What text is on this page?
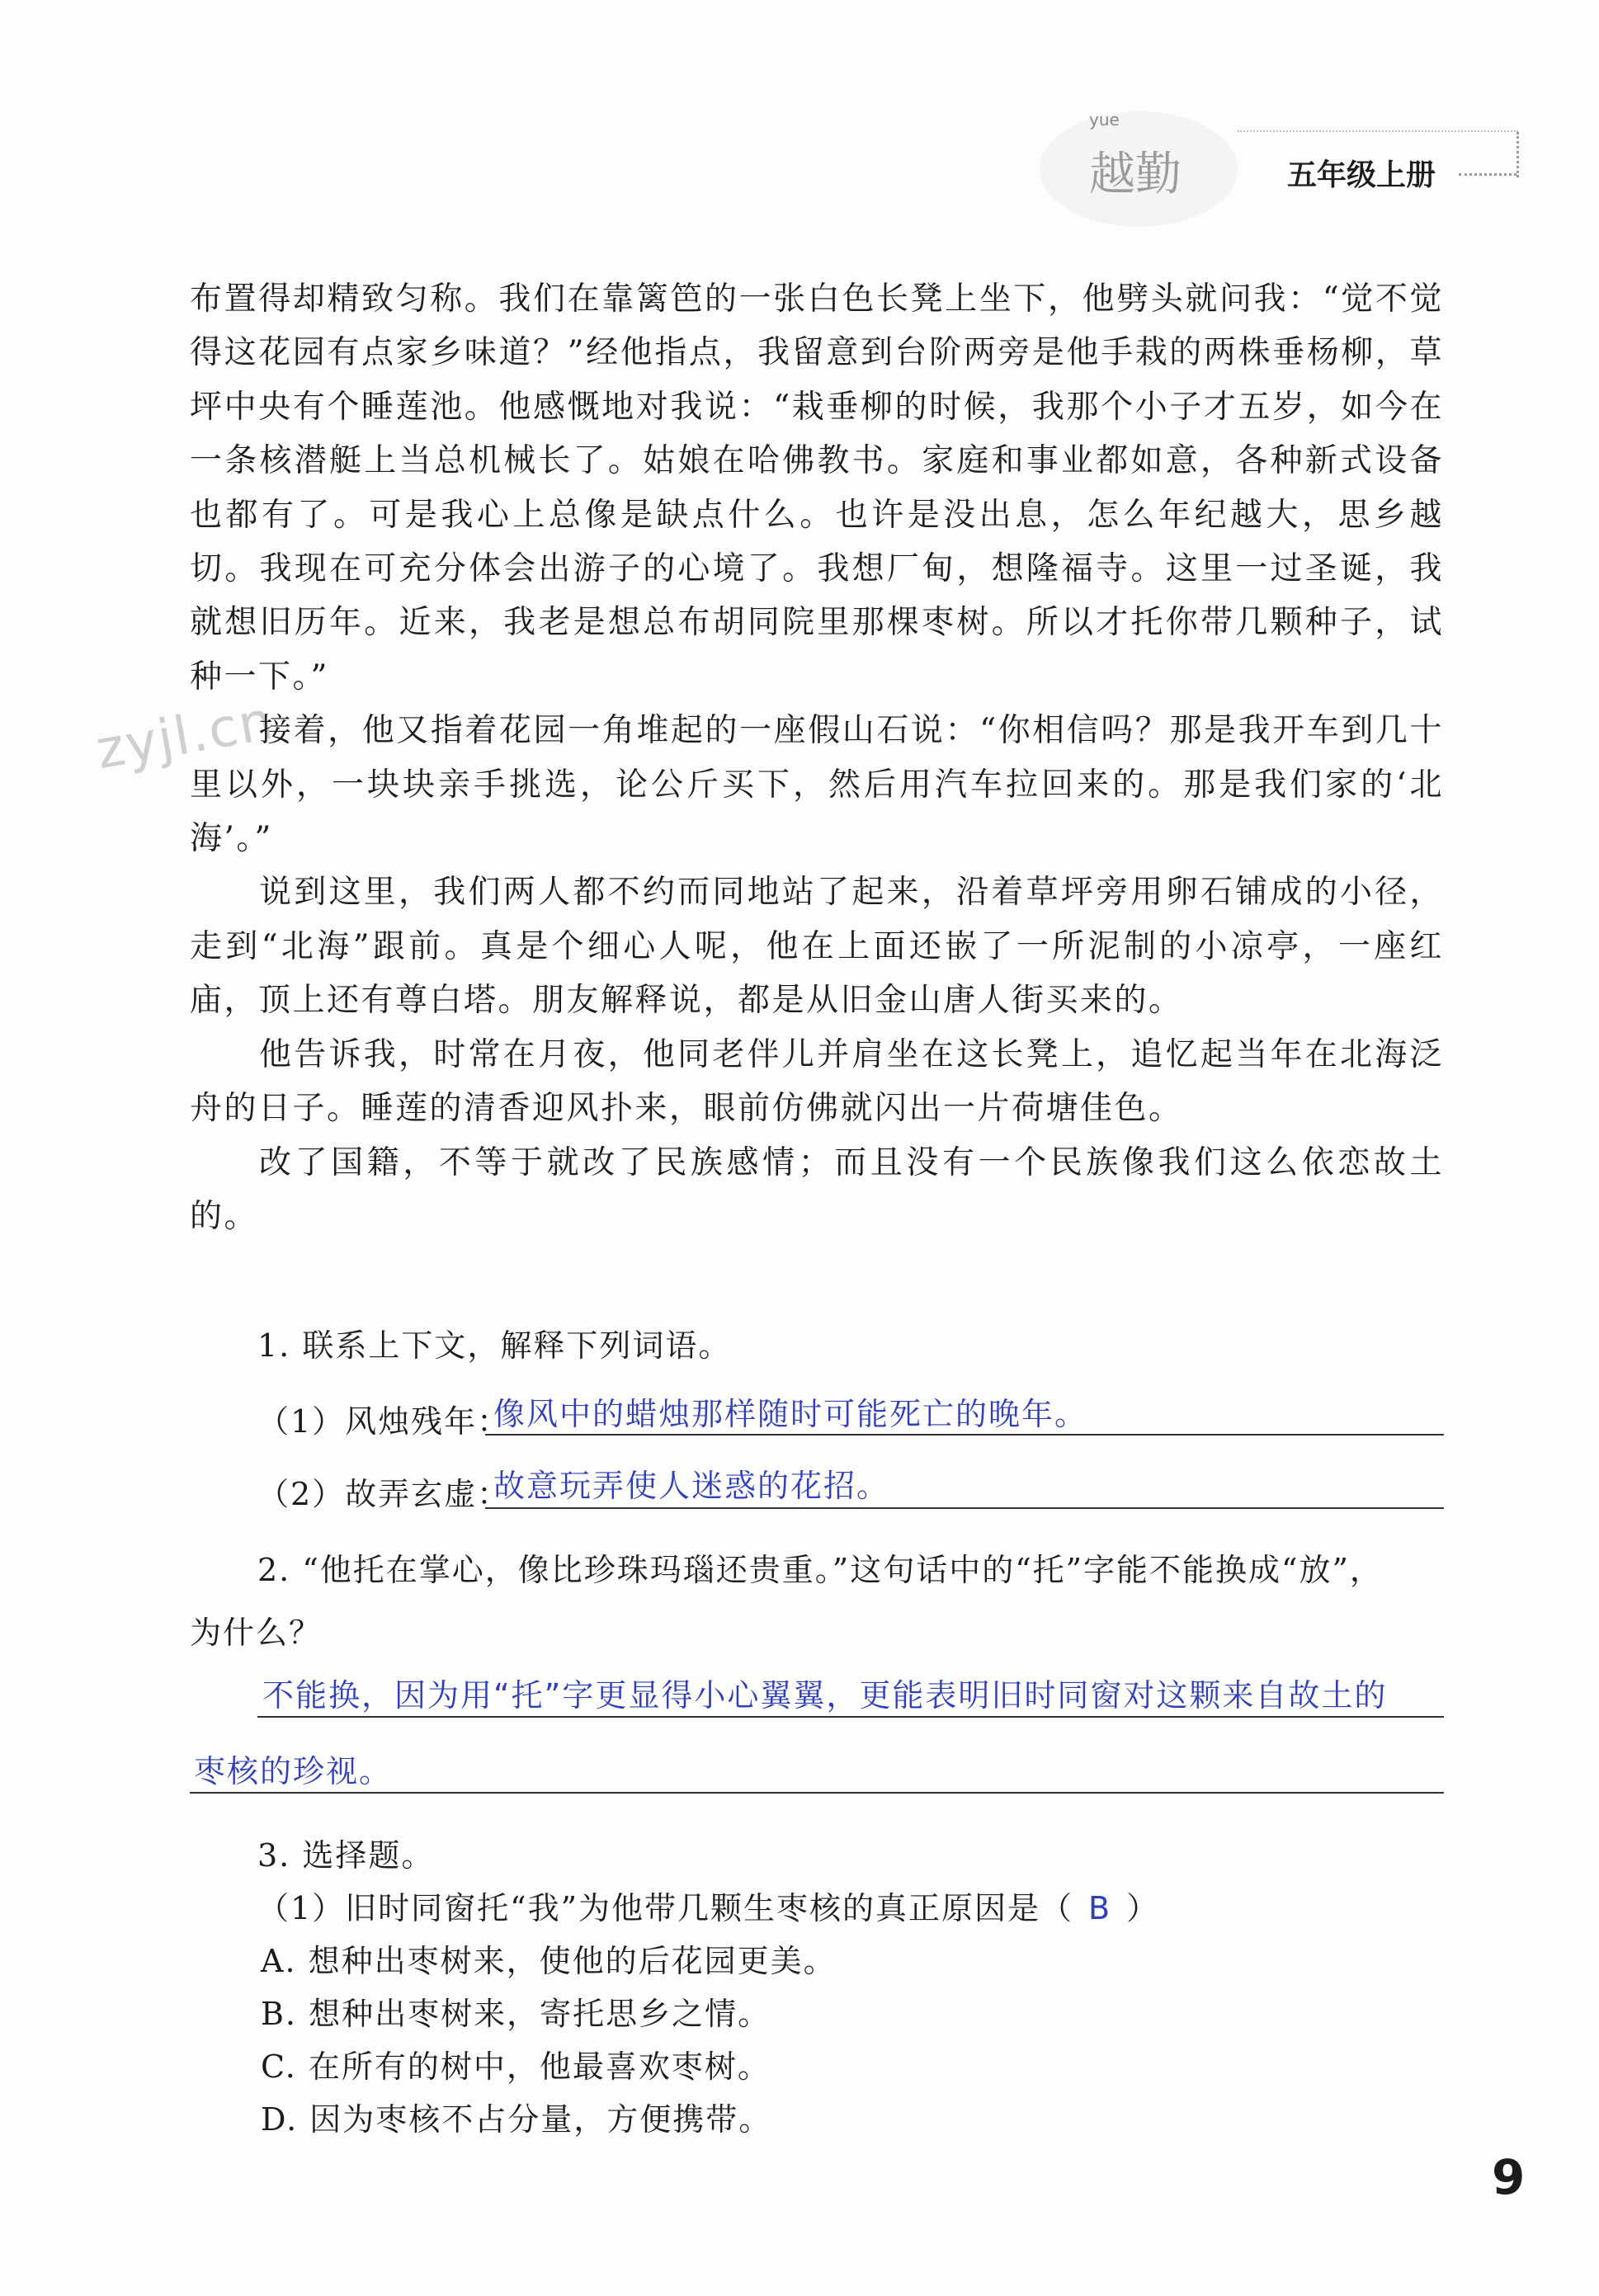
yue
越勤	五年级上册
zyjl.cn

布置得却精致匀称。我们在靠篱笆的一张白色长凳上坐下，他劈头就问我：“觉不觉得这花园有点家乡味道？”经他指点，我留意到台阶两旁是他手栽的两株垂杨柳，草坪中央有个睡莲池。他感慨地对我说：“栽垂柳的时候，我那个小子才五岁，如今在一条核潜艇上当总机械长了。姑娘在哈佛教书。家庭和事业都如意，各种新式设备也都有了。可是我心上总像是缺点什么。也许是没出息，怎么年纪越大，思乡越切。我现在可充分体会出游子的心境了。我想厂甸，想隆福寺。这里一过圣诞，我就想旧历年。近来，我老是想总布胡同院里那棵枣树。所以才托你带几颗种子，试种一下。”

接着，他又指着花园一角堆起的一座假山石说：“你相信吗？那是我开车到几十里以外，一块块亲手挑选，论公斤买下，然后用汽车拉回来的。那是我们家的‘北海’。”

说到这里，我们两人都不约而同地站了起来，沿着草坪旁用卵石铺成的小径，走到“北海”跟前。真是个细心人呢，他在上面还嵌了一所泥制的小凉亭，一座红庙，顶上还有尊白塔。朋友解释说，都是从旧金山唐人街买来的。

他告诉我，时常在月夜，他同老伴儿并肩坐在这长凳上，追忆起当年在北海泛舟的日子。睡莲的清香迎风扑来，眼前仿佛就闪出一片荷塘佳色。

改了国籍，不等于就改了民族感情；而且没有一个民族像我们这么依恋故土的。

1. 联系上下文，解释下列词语。
（1）风烛残年：
像风中的蜡烛那样随时可能死亡的晚年。
（2）故弄玄虚：
故意玩弄使人迷惑的花招。
2. “他托在掌心，像比珍珠玛瑙还贵重。”这句话中的“托”字能不能换成“放”，
为什么？
不能换，因为用“托”字更显得小心翼翼，更能表明旧时同窗对这颗来自故土的
枣核的珍视。
3. 选择题。
（1）旧时同窗托“我”为他带几颗生枣核的真正原因是（ B ）
A. 想种出枣树来，使他的后花园更美。
B. 想种出枣树来，寄托思乡之情。
C. 在所有的树中，他最喜欢枣树。
D. 因为枣核不占分量，方便携带。
9
